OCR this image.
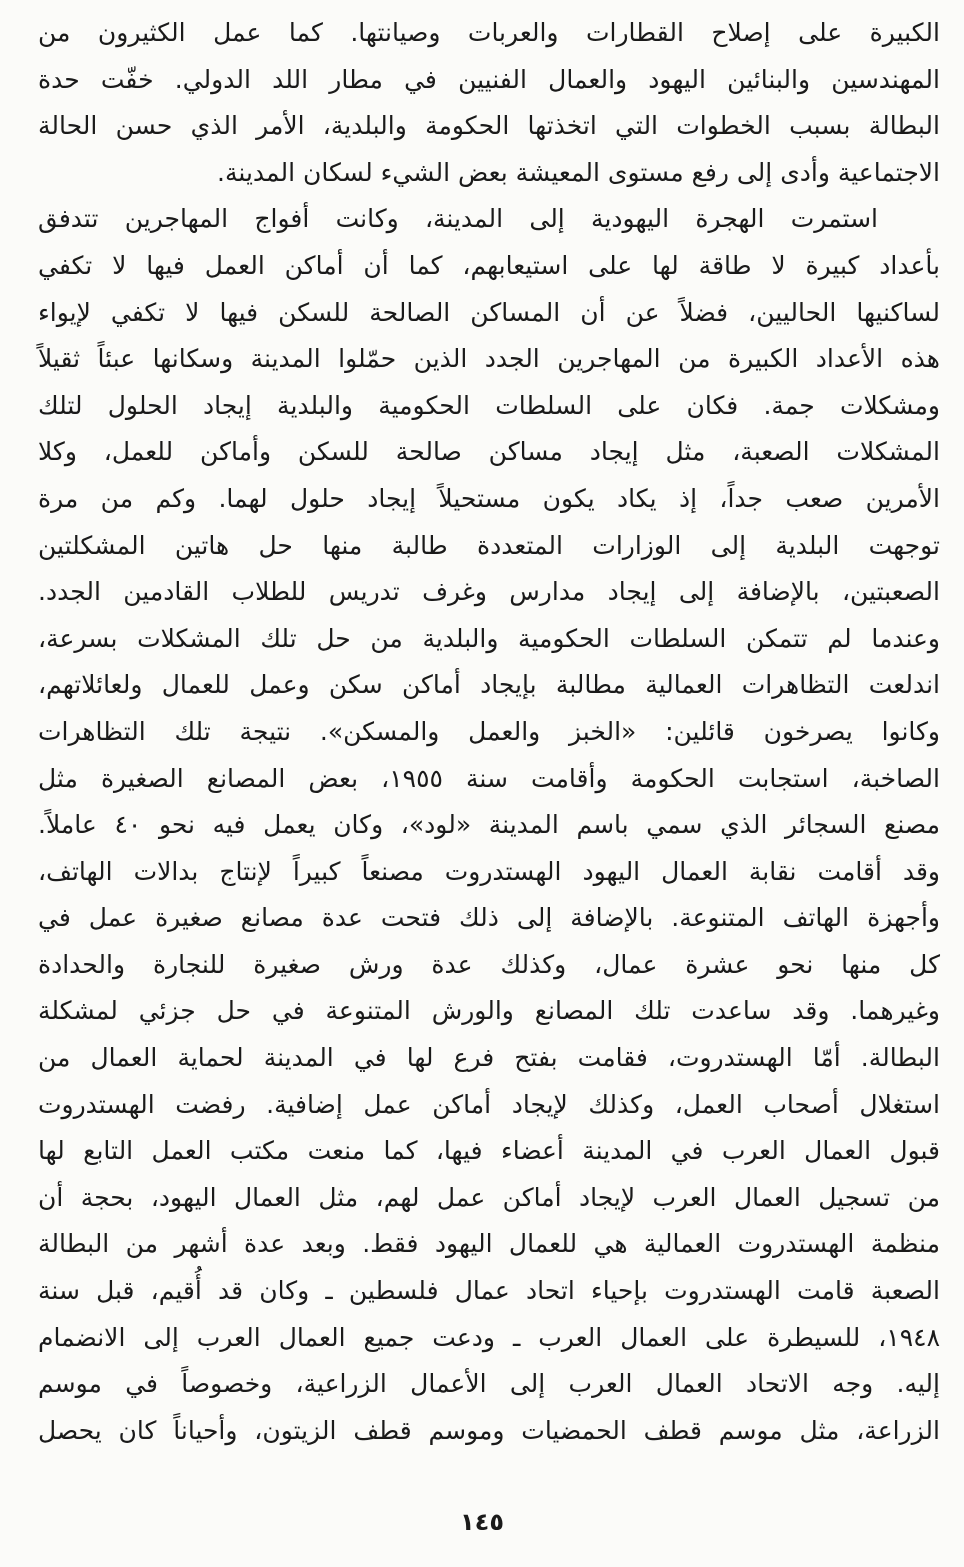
الكبيرة على إصلاح القطارات والعربات وصيانتها. كما عمل الكثيرون من
المهندسين والبنائين اليهود والعمال الفنيين في مطار اللد الدولي. خفّت حدة
البطالة بسبب الخطوات التي اتخذتها الحكومة والبلدية، الأمر الذي حسن الحالة
الاجتماعية وأدى إلى رفع مستوى المعيشة بعض الشيء لسكان المدينة.
استمرت الهجرة اليهودية إلى المدينة، وكانت أفواج المهاجرين تتدفق
بأعداد كبيرة لا طاقة لها على استيعابهم، كما أن أماكن العمل فيها لا تكفي
لساكنيها الحاليين، فضلاً عن أن المساكن الصالحة للسكن فيها لا تكفي لإيواء
هذه الأعداد الكبيرة من المهاجرين الجدد الذين حمّلوا المدينة وسكانها عبئاً ثقيلاً
ومشكلات جمة. فكان على السلطات الحكومية والبلدية إيجاد الحلول لتلك
المشكلات الصعبة، مثل إيجاد مساكن صالحة للسكن وأماكن للعمل، وكلا
الأمرين صعب جداً، إذ يكاد يكون مستحيلاً إيجاد حلول لهما. وكم من مرة
توجهت البلدية إلى الوزارات المتعددة طالبة منها حل هاتين المشكلتين
الصعبتين، بالإضافة إلى إيجاد مدارس وغرف تدريس للطلاب القادمين الجدد.
وعندما لم تتمكن السلطات الحكومية والبلدية من حل تلك المشكلات بسرعة،
اندلعت التظاهرات العمالية مطالبة بإيجاد أماكن سكن وعمل للعمال ولعائلاتهم،
وكانوا يصرخون قائلين: «الخبز والعمل والمسكن». نتيجة تلك التظاهرات
الصاخبة، استجابت الحكومة وأقامت سنة ١٩٥٥، بعض المصانع الصغيرة مثل
مصنع السجائر الذي سمي باسم المدينة «لود»، وكان يعمل فيه نحو ٤٠ عاملاً.
وقد أقامت نقابة العمال اليهود الهستدروت مصنعاً كبيراً لإنتاج بدالات الهاتف،
وأجهزة الهاتف المتنوعة. بالإضافة إلى ذلك فتحت عدة مصانع صغيرة عمل في
كل منها نحو عشرة عمال، وكذلك عدة ورش صغيرة للنجارة والحدادة
وغيرهما. وقد ساعدت تلك المصانع والورش المتنوعة في حل جزئي لمشكلة
البطالة. أمّا الهستدروت، فقامت بفتح فرع لها في المدينة لحماية العمال من
استغلال أصحاب العمل، وكذلك لإيجاد أماكن عمل إضافية. رفضت الهستدروت
قبول العمال العرب في المدينة أعضاء فيها، كما منعت مكتب العمل التابع لها
من تسجيل العمال العرب لإيجاد أماكن عمل لهم، مثل العمال اليهود، بحجة أن
منظمة الهستدروت العمالية هي للعمال اليهود فقط. وبعد عدة أشهر من البطالة
الصعبة قامت الهستدروت بإحياء اتحاد عمال فلسطين ـ وكان قد أُقيم، قبل سنة
١٩٤٨، للسيطرة على العمال العرب ـ ودعت جميع العمال العرب إلى الانضمام
إليه. وجه الاتحاد العمال العرب إلى الأعمال الزراعية، وخصوصاً في موسم
الزراعة، مثل موسم قطف الحمضيات وموسم قطف الزيتون، وأحياناً كان يحصل
١٤٥
